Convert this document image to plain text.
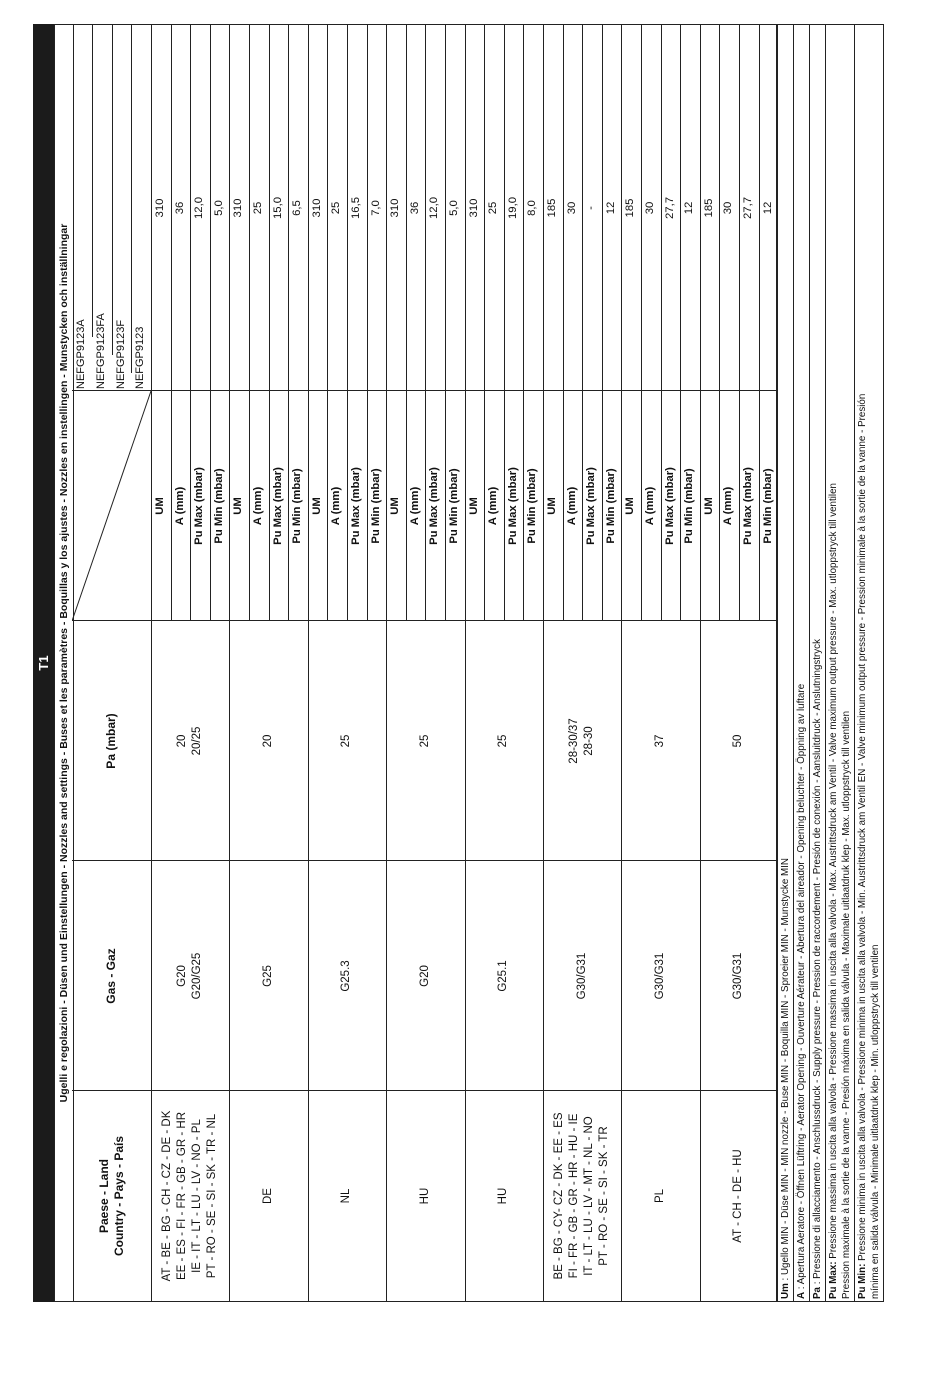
T1 Ugelli e regolazioni - Düsen und Einstellungen - Nozzles and settings - Buses et les paramètres - Boquillas y los ajustes - Nozzles en instellingen - Munstycken och inställningar
Paese - Land Country - Pays - País
Gas - Gaz
Pa (mbar)
NEFGP9123
NEFGP9123F
NEFGP9123FA
NEFGP9123A
AT - BE - BG - CH - CZ - DE - DK EE - ES - FI - FR - GB - GR - HR IE - IT - LT - LU - LV - NO - PL PT - RO - SE - SI - SK - TR - NL
G20 G20/G25
20 20/25
UM
310
A (mm)
36
Pu Max (mbar)
12,0
Pu Min (mbar)
5,0
DE
G25
20
UM
310
A (mm)
25
Pu Max (mbar)
15,0
Pu Min (mbar)
6,5
NL
G25.3
25
UM
310
A (mm)
25
Pu Max (mbar)
16,5
Pu Min (mbar)
7,0
HU
G20
25
UM
310
A (mm)
36
Pu Max (mbar)
12,0
Pu Min (mbar)
5,0
HU
G25.1
25
UM
310
A (mm)
25
Pu Max (mbar)
19,0
Pu Min (mbar)
8,0
BE - BG - CY- CZ - DK - EE - ES FI - FR - GB - GR - HR - HU - IE IT - LT - LU - LV - MT - NL - NO PT - RO - SE - SI - SK - TR
G30/G31
28-30/37 28-30
UM
185
A (mm)
30
Pu Max (mbar)
-
Pu Min (mbar)
12
PL
G30/G31
37
UM
185
A (mm)
30
Pu Max (mbar)
27,7
Pu Min (mbar)
12
AT - CH - DE - HU
G30/G31
50
UM
185
A (mm)
30
Pu Max (mbar)
27,7
Pu Min (mbar)
12
Um : Ugello MIN - Düse MIN - MIN nozzle - Buse MIN - Boquilla MIN - Sproeier MIN - Munstycke MIN
A : Apertura Aeratore - Öffnen Lüftring - Aerator Opening - Ouverture Aérateur - Abertura del aireador - Opening beluchter - Öppning av luftare
Pa : Pressione di allacciamento - Anschlussdruck - Supply pressure - Pression de raccordement - Presión de conexión - Aansluitdruck - Anslutningstryck Pu Max: Pressione massima in uscita alla valvola - Pressione massima in uscita alla valvola - Max. Austrittsdruck am Ventil - Valve maximum output pressure - Max. utloppstryck till ventilen Pression maximale à la sortie de la vanne - Presión máxima en salida válvula - Maximale uitlaatdruk klep - Max. utloppstryck till ventilen Pu Min: Pressione minima in uscita alla valvola - Pressione minima in uscita alla valvola - Min. Austrittsdruck am Ventil EN - Valve minimum output pressure - Pression minimale à la sortie de la vanne - Presión mínima en salida válvula - Minimale uitlaatdruk klep - Min. utloppstryck till ventilen
